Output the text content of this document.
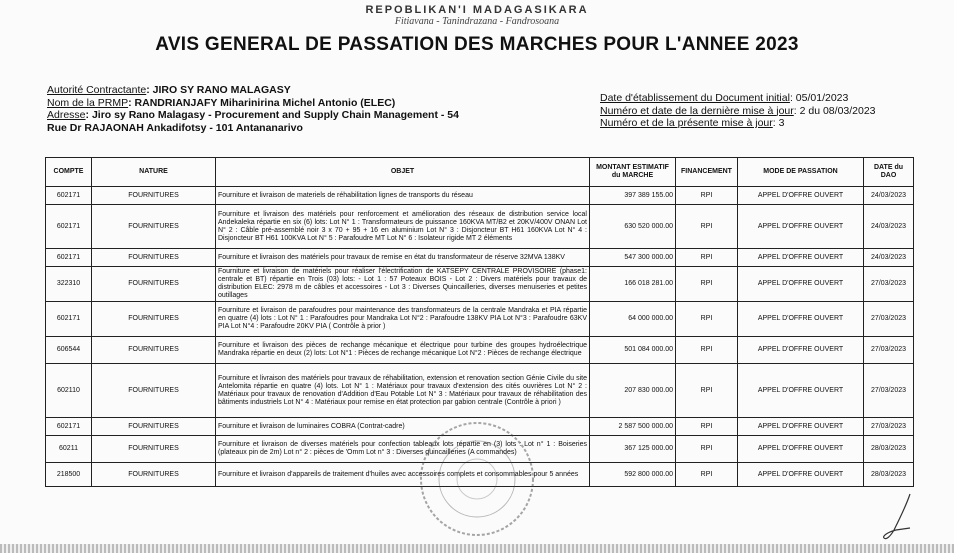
REPOBLIKAN'I MADAGASIKARA
Fitiavana - Tanindrazana - Fandrosoana
AVIS GENERAL DE PASSATION DES MARCHES POUR L'ANNEE 2023
Autorité Contractante: JIRO SY RANO MALAGASY
Nom de la PRMP: RANDRIANJAFY Miharinirina Michel Antonio (ELEC)
Adresse: Jiro sy Rano Malagasy - Procurement and Supply Chain Management - 54
Rue Dr RAJAONAH Ankadifotsy - 101 Antananarivo
Date d'établissement du Document initial: 05/01/2023
Numéro et date de la dernière mise à jour: 2 du 08/03/2023
Numéro et de la présente mise à jour: 3
COMPTE	NATURE	OBJET	MONTANT ESTIMATIF du MARCHE	FINANCEMENT	MODE DE PASSATION	DATE du DAO
602171	FOURNITURES	Fourniture et livraison de materiels de réhabilitation lignes de transports du réseau	397 389 155.00	RPI	APPEL D'OFFRE OUVERT	24/03/2023
602171	FOURNITURES	Fourniture et livraison des matériels pour renforcement et amélioration des réseaux de distribution service local Andekaleka répartie en six (6) lots: Lot N° 1 : Transformateurs de puissance 160KVA MT/B2 et 20KV/400V ONAN Lot N° 2 : Câble pré-assemblé noir 3 x 70 + 95 + 16 en aluminium Lot N° 3 : Disjoncteur BT H61 160KVA Lot N° 4 : Disjoncteur BT H61 100KVA Lot N° 5 : Parafoudre MT Lot N° 6 : Isolateur rigide MT 2 éléments	630 520 000.00	RPI	APPEL D'OFFRE OUVERT	24/03/2023
602171	FOURNITURES	Fourniture et livraison des matériels pour travaux de remise en état du transformateur de réserve 32MVA 138KV	547 300 000.00	RPI	APPEL D'OFFRE OUVERT	24/03/2023
322310	FOURNITURES	Fourniture et livraison de matériels pour réaliser l'électrification de KATSEPY CENTRALE PROVISOIRE (phase1: centrale et BT) répartie en Trois (03) lots: - Lot 1 : 57 Poteaux BOIS - Lot 2 : Divers matériels pour travaux de distribution ELEC: 2978 m de câbles et accessoires - Lot 3 : Diverses Quincailleries, diverses menuiseries et petites outillages	166 018 281.00	RPI	APPEL D'OFFRE OUVERT	27/03/2023
602171	FOURNITURES	Fourniture et livraison de parafoudres pour maintenance des transformateurs de la centrale Mandraka et PIA répartie en quatre (4) lots : Lot N° 1 : Parafoudres pour Mandraka Lot N°2 : Parafoudre 138KV PIA Lot N°3 : Parafoudre 63KV PIA Lot N°4 : Parafoudre 20KV PIA ( Contrôle à prior )	64 000 000.00	RPI	APPEL D'OFFRE OUVERT	27/03/2023
606544	FOURNITURES	Fourniture et livraison des pièces de rechange mécanique et électrique pour turbine des groupes hydroélectrique Mandraka répartie en deux (2) lots: Lot N°1 : Pièces de rechange mécanique Lot N°2 : Pièces de rechange électrique	501 084 000.00	RPI	APPEL D'OFFRE OUVERT	27/03/2023
602110	FOURNITURES	Fourniture et livraison des matériels pour travaux de réhabilitation, extension et renovation section Génie Civile du site Antelomita répartie en quatre (4) lots. Lot N° 1 : Matériaux pour travaux d'extension des cités ouvrières Lot N° 2 : Matériaux pour travaux de renovation d'Addition d'Eau Potable Lot N° 3 : Matériaux pour travaux de réhabilitation des bâtiments industriels Lot N° 4 : Matériaux pour remise en état protection par gabion centrale (Contrôle à priori )	207 830 000.00	RPI	APPEL D'OFFRE OUVERT	27/03/2023
602171	FOURNITURES	Fourniture et livraison de luminaires COBRA (Contrat-cadre)	2 587 500 000.00	RPI	APPEL D'OFFRE OUVERT	27/03/2023
60211	FOURNITURES	Fourniture et livraison de diverses matériels pour confection tableaux lots répartie en (3) lots : Lot n° 1 : Boiseries (plateaux pin de 2m) Lot n° 2 : pièces de 'Omm Lot n° 3 : Diverses quincailleries (A commandes)	367 125 000.00	RPI	APPEL D'OFFRE OUVERT	28/03/2023
218500	FOURNITURES	Fourniture et livraison d'appareils de traitement d'huiles avec accessoires complets et consommables pour 5 années	592 800 000.00	RPI	APPEL D'OFFRE OUVERT	28/03/2023
